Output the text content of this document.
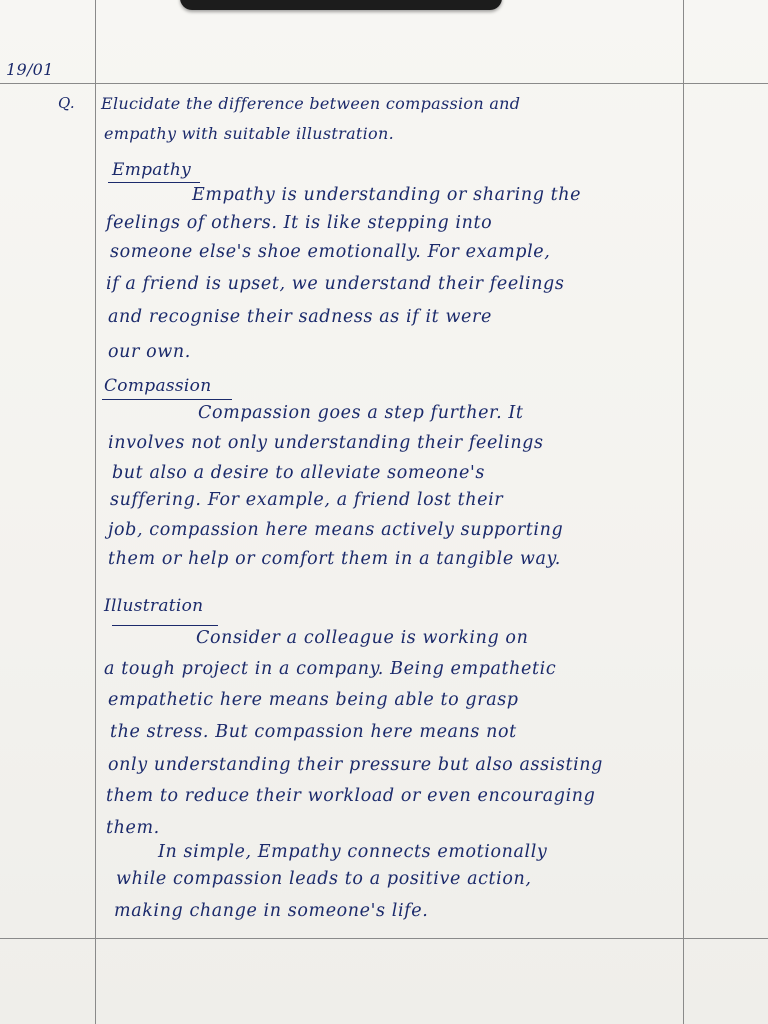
19/01

Q. Elucidate the difference between compassion and

empathy with suitable illustration.

Empathy

Empathy is understanding or sharing the

feelings of others. It is like stepping into

someone else's shoe emotionally. For example,

if a friend is upset, we understand their feelings

and recognise their sadness as if it were

our own.

Compassion

Compassion goes a step further. It

involves not only understanding their feelings

but also a desire to alleviate someone's

suffering. For example, a friend lost their

job, compassion here means actively supporting

them or help or comfort them in a tangible way.

Illustration

Consider a colleague is working on

a tough project in a company. Being empathetic

empathetic here means being able to grasp

the stress. But compassion here means not

only understanding their pressure but also assisting

them to reduce their workload or even encouraging

them.

In simple, Empathy connects emotionally

while compassion leads to a positive action,

making change in someone's life.
